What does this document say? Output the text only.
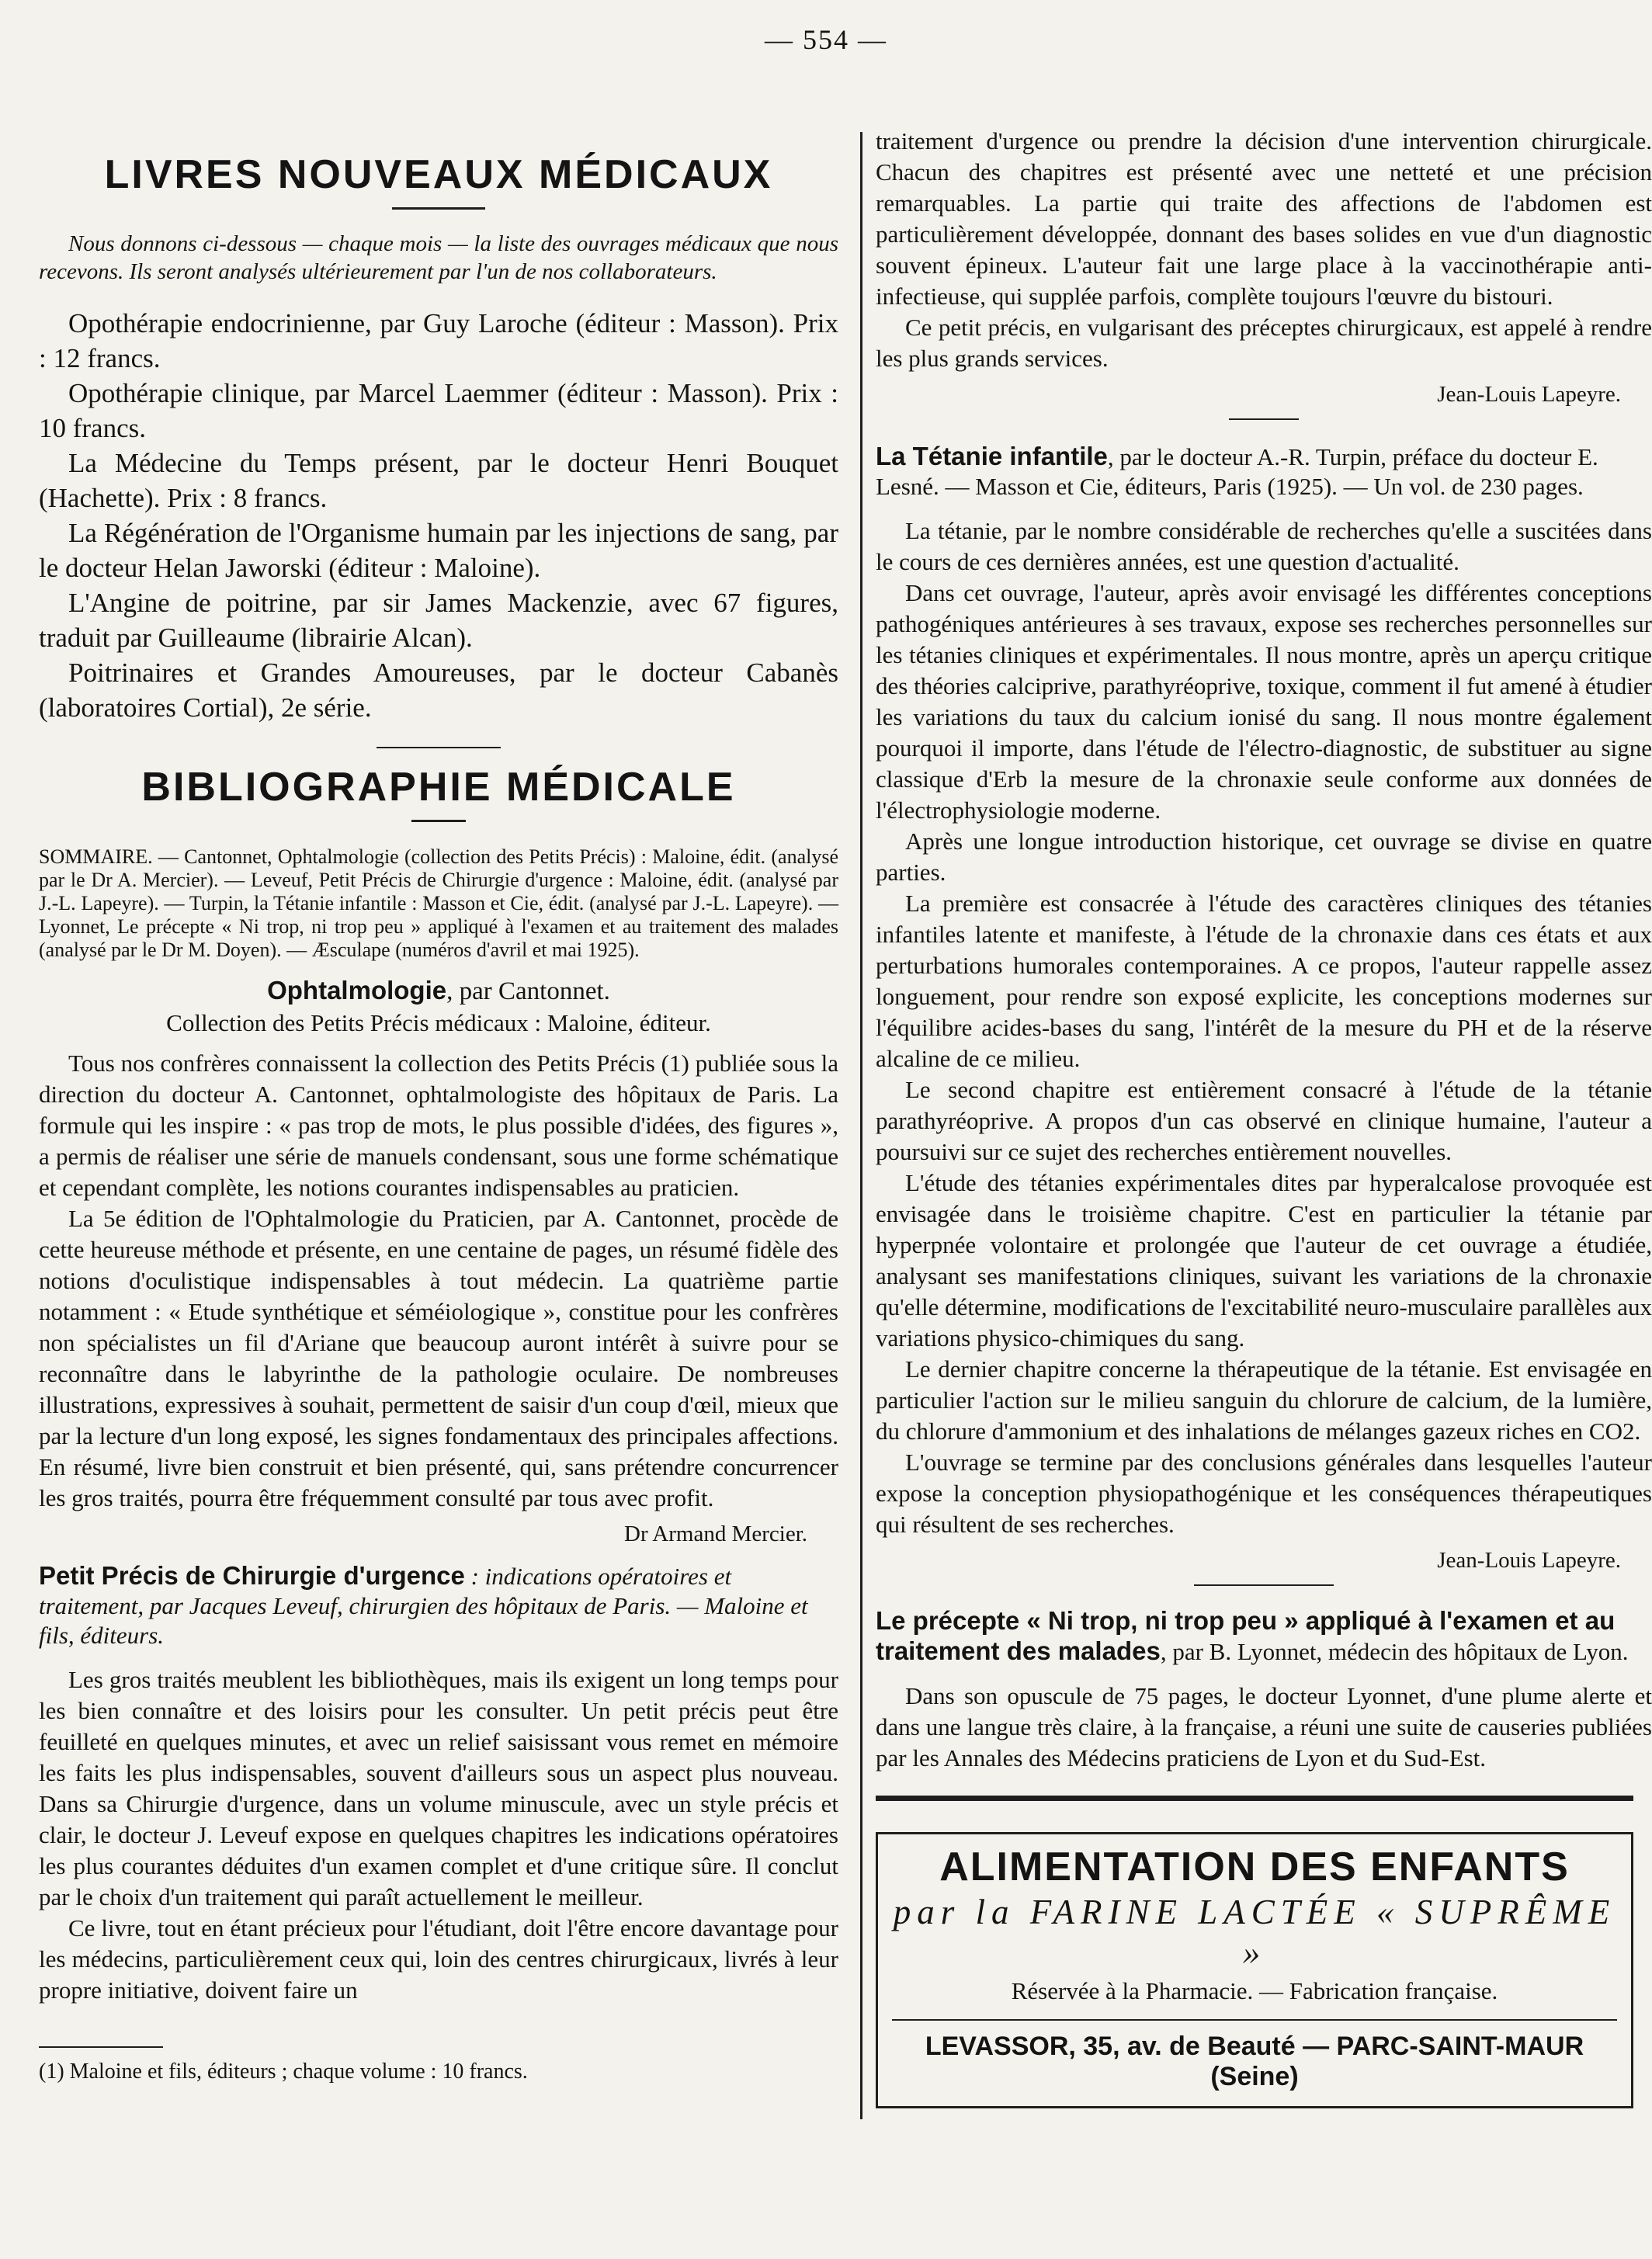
— 554 —
LIVRES NOUVEAUX MÉDICAUX

Nous donnons ci-dessous — chaque mois — la liste des ouvrages médicaux que nous recevons. Ils seront analysés ultérieurement par l'un de nos collaborateurs.

Opothérapie endocrinienne, par Guy Laroche (éditeur : Masson). Prix : 12 francs.

Opothérapie clinique, par Marcel Laemmer (éditeur : Masson). Prix : 10 francs.

La Médecine du Temps présent, par le docteur Henri Bouquet (Hachette). Prix : 8 francs.

La Régénération de l'Organisme humain par les injections de sang, par le docteur Helan Jaworski (éditeur : Maloine).

L'Angine de poitrine, par sir James Mackenzie, avec 67 figures, traduit par Guilleaume (librairie Alcan).

Poitrinaires et Grandes Amoureuses, par le docteur Cabanès (laboratoires Cortial), 2e série.

BIBLIOGRAPHIE MÉDICALE

SOMMAIRE. — Cantonnet, Ophtalmologie (collection des Petits Précis) : Maloine, édit. (analysé par le Dr A. Mercier). — Leveuf, Petit Précis de Chirurgie d'urgence : Maloine, édit. (analysé par J.-L. Lapeyre). — Turpin, la Tétanie infantile : Masson et Cie, édit. (analysé par J.-L. Lapeyre). — Lyonnet, Le précepte « Ni trop, ni trop peu » appliqué à l'examen et au traitement des malades (analysé par le Dr M. Doyen). — Æsculape (numéros d'avril et mai 1925).

Ophtalmologie, par Cantonnet.
Collection des Petits Précis médicaux : Maloine, éditeur.

Tous nos confrères connaissent la collection des Petits Précis (1) publiée sous la direction du docteur A. Cantonnet, ophtalmologiste des hôpitaux de Paris. La formule qui les inspire : « pas trop de mots, le plus possible d'idées, des figures », a permis de réaliser une série de manuels condensant, sous une forme schématique et cependant complète, les notions courantes indispensables au praticien.

La 5e édition de l'Ophtalmologie du Praticien, par A. Cantonnet, procède de cette heureuse méthode et présente, en une centaine de pages, un résumé fidèle des notions d'oculistique indispensables à tout médecin. La quatrième partie notamment : « Etude synthétique et séméiologique », constitue pour les confrères non spécialistes un fil d'Ariane que beaucoup auront intérêt à suivre pour se reconnaître dans le labyrinthe de la pathologie oculaire. De nombreuses illustrations, expressives à souhait, permettent de saisir d'un coup d'œil, mieux que par la lecture d'un long exposé, les signes fondamentaux des principales affections. En résumé, livre bien construit et bien présenté, qui, sans prétendre concurrencer les gros traités, pourra être fréquemment consulté par tous avec profit.

Dr Armand Mercier.
Petit Précis de Chirurgie d'urgence : indications opératoires et traitement, par Jacques Leveuf, chirurgien des hôpitaux de Paris. — Maloine et fils, éditeurs.

Les gros traités meublent les bibliothèques, mais ils exigent un long temps pour les bien connaître et des loisirs pour les consulter. Un petit précis peut être feuilleté en quelques minutes, et avec un relief saisissant vous remet en mémoire les faits les plus indispensables, souvent d'ailleurs sous un aspect plus nouveau. Dans sa Chirurgie d'urgence, dans un volume minuscule, avec un style précis et clair, le docteur J. Leveuf expose en quelques chapitres les indications opératoires les plus courantes déduites d'un examen complet et d'une critique sûre. Il conclut par le choix d'un traitement qui paraît actuellement le meilleur.

Ce livre, tout en étant précieux pour l'étudiant, doit l'être encore davantage pour les médecins, particulièrement ceux qui, loin des centres chirurgicaux, livrés à leur propre initiative, doivent faire un

(1) Maloine et fils, éditeurs ; chaque volume : 10 francs.

traitement d'urgence ou prendre la décision d'une intervention chirurgicale. Chacun des chapitres est présenté avec une netteté et une précision remarquables. La partie qui traite des affections de l'abdomen est particulièrement développée, donnant des bases solides en vue d'un diagnostic souvent épineux. L'auteur fait une large place à la vaccinothérapie anti-infectieuse, qui supplée parfois, complète toujours l'œuvre du bistouri.

Ce petit précis, en vulgarisant des préceptes chirurgicaux, est appelé à rendre les plus grands services.

Jean-Louis Lapeyre.
La Tétanie infantile, par le docteur A.-R. Turpin, préface du docteur E. Lesné. — Masson et Cie, éditeurs, Paris (1925). — Un vol. de 230 pages.

La tétanie, par le nombre considérable de recherches qu'elle a suscitées dans le cours de ces dernières années, est une question d'actualité.

Dans cet ouvrage, l'auteur, après avoir envisagé les différentes conceptions pathogéniques antérieures à ses travaux, expose ses recherches personnelles sur les tétanies cliniques et expérimentales. Il nous montre, après un aperçu critique des théories calciprive, parathyréoprive, toxique, comment il fut amené à étudier les variations du taux du calcium ionisé du sang. Il nous montre également pourquoi il importe, dans l'étude de l'électro-diagnostic, de substituer au signe classique d'Erb la mesure de la chronaxie seule conforme aux données de l'électrophysiologie moderne.

Après une longue introduction historique, cet ouvrage se divise en quatre parties.

La première est consacrée à l'étude des caractères cliniques des tétanies infantiles latente et manifeste, à l'étude de la chronaxie dans ces états et aux perturbations humorales contemporaines. A ce propos, l'auteur rappelle assez longuement, pour rendre son exposé explicite, les conceptions modernes sur l'équilibre acides-bases du sang, l'intérêt de la mesure du PH et de la réserve alcaline de ce milieu.

Le second chapitre est entièrement consacré à l'étude de la tétanie parathyréoprive. A propos d'un cas observé en clinique humaine, l'auteur a poursuivi sur ce sujet des recherches entièrement nouvelles.

L'étude des tétanies expérimentales dites par hyperalcalose provoquée est envisagée dans le troisième chapitre. C'est en particulier la tétanie par hyperpnée volontaire et prolongée que l'auteur de cet ouvrage a étudiée, analysant ses manifestations cliniques, suivant les variations de la chronaxie qu'elle détermine, modifications de l'excitabilité neuro-musculaire parallèles aux variations physico-chimiques du sang.

Le dernier chapitre concerne la thérapeutique de la tétanie. Est envisagée en particulier l'action sur le milieu sanguin du chlorure de calcium, de la lumière, du chlorure d'ammonium et des inhalations de mélanges gazeux riches en CO2.

L'ouvrage se termine par des conclusions générales dans lesquelles l'auteur expose la conception physiopathogénique et les conséquences thérapeutiques qui résultent de ses recherches.

Jean-Louis Lapeyre.
Le précepte « Ni trop, ni trop peu » appliqué à l'examen et au traitement des malades, par B. Lyonnet, médecin des hôpitaux de Lyon.

Dans son opuscule de 75 pages, le docteur Lyonnet, d'une plume alerte et dans une langue très claire, à la française, a réuni une suite de causeries publiées par les Annales des Médecins praticiens de Lyon et du Sud-Est.

ALIMENTATION DES ENFANTS
par la FARINE LACTÉE « SUPRÊME »
Réservée à la Pharmacie. — Fabrication française.
LEVASSOR, 35, av. de Beauté — PARC-SAINT-MAUR (Seine)
